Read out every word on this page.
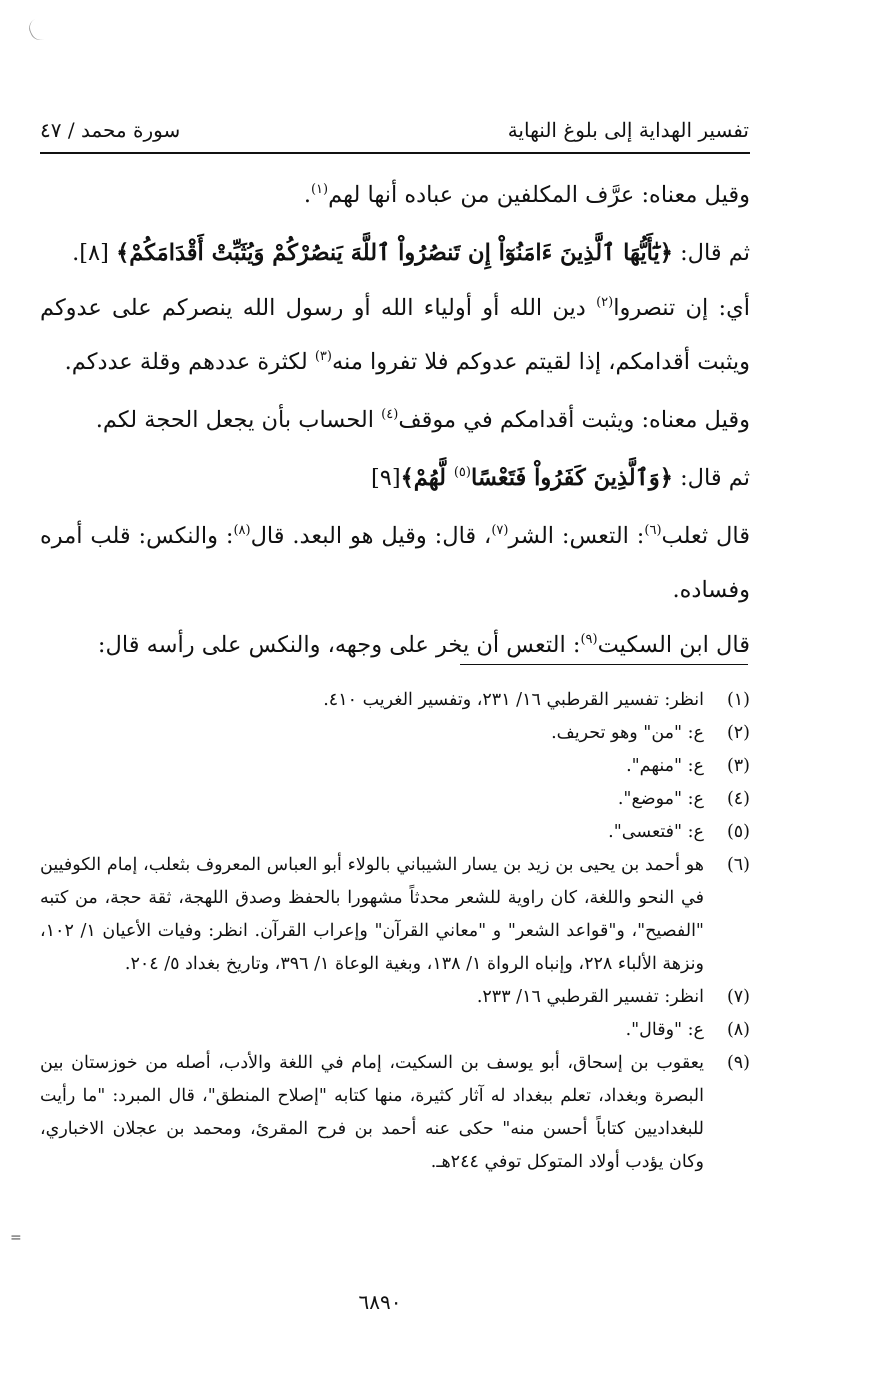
=
تفسير الهداية إلى بلوغ النهاية
سورة محمد / ٤٧

وقيل معناه: عرَّف المكلفين من عباده أنها لهم$^{(١)}$.

ثم قال: ﴿يَٰٓأَيُّهَا ٱلَّذِينَ ءَامَنُوٓاْ إِن تَنصُرُواْ ٱللَّهَ يَنصُرْكُمْ وَيُثَبِّتْ أَقْدَامَكُمْ﴾ [٨].

أي: إن تنصروا$^{(٢)}$ دين الله أو أولياء الله أو رسول الله ينصركم على عدوكم ويثبت أقدامكم، إذا لقيتم عدوكم فلا تفروا منه$^{(٣)}$ لكثرة عددهم وقلة عددكم.

وقيل معناه: ويثبت أقدامكم في موقف$^{(٤)}$ الحساب بأن يجعل الحجة لكم.

ثم قال: ﴿وَٱلَّذِينَ كَفَرُواْ فَتَعْسًا$^{(٥)}$ لَّهُمْ﴾[٩]

قال ثعلب$^{(٦)}$: التعس: الشر$^{(٧)}$، قال: وقيل هو البعد. قال$^{(٨)}$: والنكس: قلب أمره وفساده.

قال ابن السكيت$^{(٩)}$: التعس أن يخر على وجهه، والنكس على رأسه قال:

(١)
انظر: تفسير القرطبي ١٦/ ٢٣١، وتفسير الغريب ٤١٠.
(٢)
ع: "من" وهو تحريف.
(٣)
ع: "منهم".
(٤)
ع: "موضع".
(٥)
ع: "فتعسى".
(٦)
هو أحمد بن يحيى بن زيد بن يسار الشيباني بالولاء أبو العباس المعروف بثعلب، إمام الكوفيين في النحو واللغة، كان راوية للشعر محدثاً مشهورا بالحفظ وصدق اللهجة، ثقة حجة، من كتبه "الفصيح"، و"قواعد الشعر" و "معاني القرآن" وإعراب القرآن. انظر: وفيات الأعيان ١/ ١٠٢، ونزهة الألباء ٢٢٨، وإنباه الرواة ١/ ١٣٨، وبغية الوعاة ١/ ٣٩٦، وتاريخ بغداد ٥/ ٢٠٤.
(٧)
انظر: تفسير القرطبي ١٦/ ٢٣٣.
(٨)
ع: "وقال".
(٩)
يعقوب بن إسحاق، أبو يوسف بن السكيت، إمام في اللغة والأدب، أصله من خوزستان بين البصرة وبغداد، تعلم ببغداد له آثار كثيرة، منها كتابه "إصلاح المنطق"، قال المبرد: "ما رأيت للبغداديين كتاباً أحسن منه" حكى عنه أحمد بن فرح المقرئ، ومحمد بن عجلان الاخباري، وكان يؤدب أولاد المتوكل توفي ٢٤٤هـ.
٦٨٩٠
